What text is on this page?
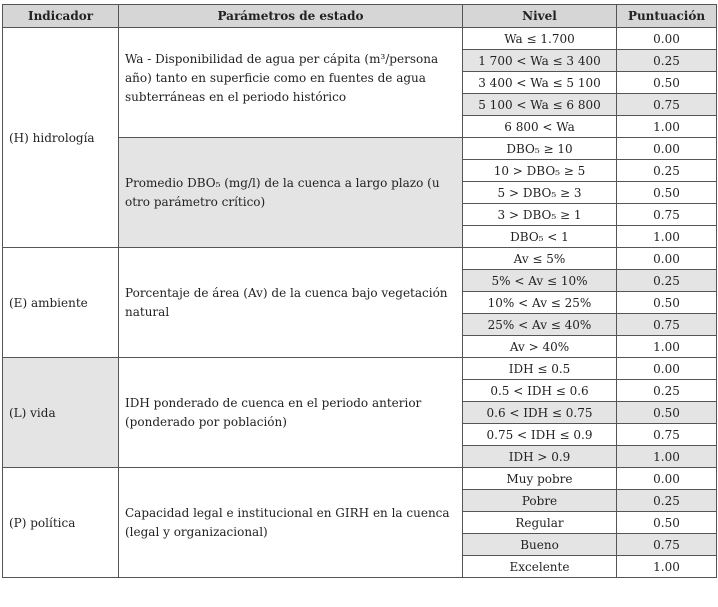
Indicador	Parámetros de estado	Nivel	Puntuación
(H) hidrología	Wa - Disponibilidad de agua per cápita (m³/persona año) tanto en superficie como en fuentes de agua subterráneas en el periodo histórico	Wa ≤ 1.700	0.00
		1 700 < Wa ≤ 3 400	0.25
		3 400 < Wa ≤ 5 100	0.50
		5 100 < Wa ≤ 6 800	0.75
		6 800 < Wa	1.00
	Promedio DBO₅ (mg/l) de la cuenca a largo plazo (u otro parámetro crítico)	DBO₅ ≥ 10	0.00
		10 > DBO₅ ≥ 5	0.25
		5 > DBO₅ ≥ 3	0.50
		3 > DBO₅ ≥ 1	0.75
		DBO₅ < 1	1.00
(E) ambiente	Porcentaje de área (Av) de la cuenca bajo vegetación natural	Av ≤ 5%	0.00
		5% < Av ≤ 10%	0.25
		10% < Av ≤ 25%	0.50
		25% < Av ≤ 40%	0.75
		Av > 40%	1.00
(L) vida	IDH ponderado de cuenca en el periodo anterior (ponderado por población)	IDH ≤ 0.5	0.00
		0.5 < IDH ≤ 0.6	0.25
		0.6 < IDH ≤ 0.75	0.50
		0.75 < IDH ≤ 0.9	0.75
		IDH > 0.9	1.00
(P) política	Capacidad legal e institucional en GIRH en la cuenca (legal y organizacional)	Muy pobre	0.00
		Pobre	0.25
		Regular	0.50
		Bueno	0.75
		Excelente	1.00
